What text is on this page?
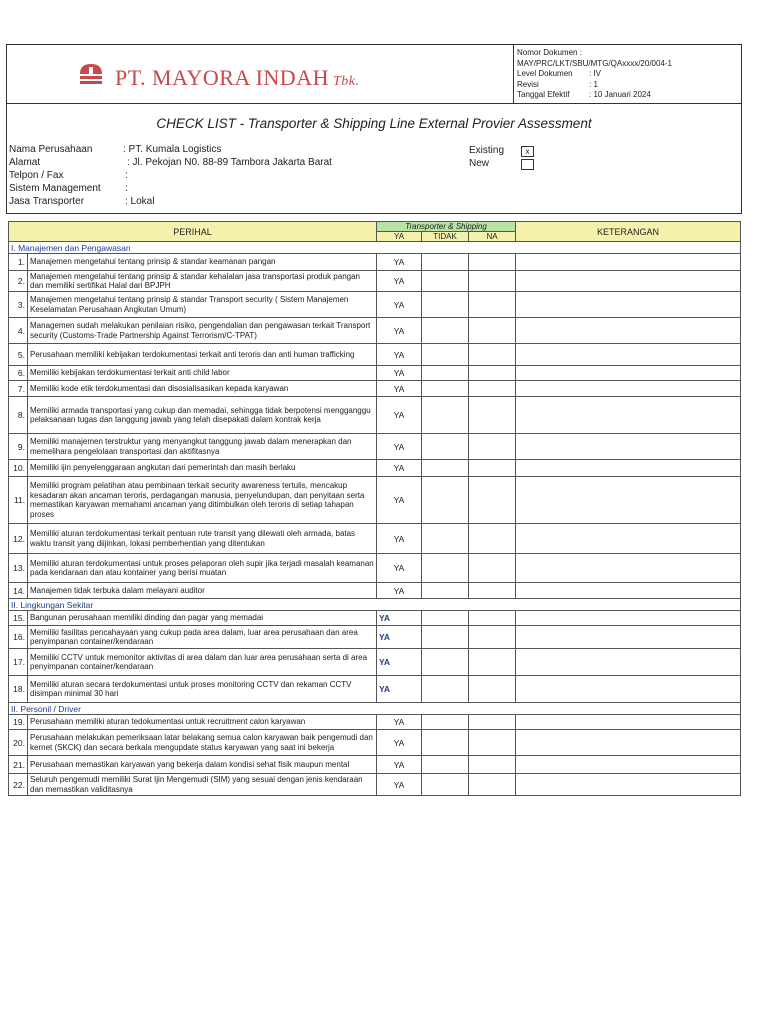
PT. MAYORA INDAH Tbk.
Nomor Dokumen :
MAY/PRC/LKT/SBU/MTG/QAxxxx/20/004-1
Level Dokumen : IV
Revisi	: 1
Tanggal Efektif : 10 Januari 2024
CHECK LIST - Transporter & Shipping Line External Provier Assessment
Nama Perusahaan	: PT. Kumala Logistics
Alamat	: Jl. Pekojan N0. 88-89 Tambora Jakarta Barat
Telpon / Fax	:
Sistem Management :
Jasa Transporter	: Lokal
Existing	x
New
PERIHAL		Transporter & Shipping			KETERANGAN
		YA	TIDAK	NA	
I. Manajemen dan Pengawasan					
1.	Manajemen mengetahui tentang prinsip & standar keamanan pangan	YA			
2.	Manajemen mengetahui tentang prinsip & standar kehalalan jasa transportasi produk pangan dan memiliki sertifikat Halal dari BPJPH	YA			
3.	Manajemen mengetahui tentang prinsip & standar Transport security ( Sistem Manajemen Keselamatan Perusahaan Angkutan Umum)	YA			
4.	Managemen sudah melakukan penilaian risiko, pengendalian dan pengawasan terkait Transport security (Customs-Trade Partnership Against Terrorism/C-TPAT)	YA			
5.	Perusahaan memiliki kebijakan terdokumentasi terkait anti teroris dan anti human trafficking	YA			
6.	Memiliki kebijakan terdokumentasi terkait anti child labor	YA			
7.	Memiliki kode etik terdokumentasi dan disosialisasikan kepada karyawan	YA			
8.	Memiliki armada transportasi yang cukup dan memadai, sehingga tidak berpotensi mengganggu pelaksanaan tugas dan tanggung jawab yang telah disepakati dalam kontrak kerja	YA			
9.	Memiliki manajemen terstruktur yang menyangkut tanggung jawab dalam menerapkan dan memelihara pengelolaan transportasi dan aktifitasnya	YA			
10.	Memiliki ijin penyelenggaraan angkutan dari pemerintah dan masih berlaku	YA			
11.	Memiliki program pelatihan atau pembinaan terkait security awareness tertulis, mencakup kesadaran akan ancaman teroris, perdagangan manusia, penyelundupan, dan penyitaan serta memastikan karyawan memahami ancaman yang ditimbulkan oleh teroris di setiap tahapan proses	YA			
12.	Memiliki aturan terdokumentasi terkait pentuan rute transit yang dilewati oleh armada, batas waktu transit yang diijinkan, lokasi pemberhentian yang ditentukan	YA			
13.	Memiliki aturan terdokumentasi untuk proses pelaporan oleh supir jika terjadi masalah keamanan pada kendaraan dan atau kontainer yang berisi muatan	YA			
14.	Manajemen tidak terbuka dalam melayani auditor	YA			
II. Lingkungan Sekitar					
15.	Bangunan perusahaan memiliki dinding dan pagar yang memadai	YA			
16.	Memiliki fasilitas pencahayaan yang cukup pada area dalam, luar area perusahaan dan area penyimpanan container/kendaraan	YA			
17.	Memiliki CCTV untuk memonitor aktivitas di area dalam dan luar area perusahaan serta di area penyimpanan container/kendaraan	YA			
18.	Memiliki aturan secara terdokumentasi untuk proses monitoring CCTV dan rekaman CCTV disimpan minimal 30 hari	YA			
II. Personil / Driver					
19.	Perusahaan memiliki aturan tedokumentasi untuk recruitment calon karyawan	YA			
20.	Perusahaan melakukan pemeriksaan latar belakang semua calon karyawan baik pengemudi dan kernet (SKCK) dan secara berkala mengupdate status karyawan yang saat ini bekerja	YA			
21.	Perusahaan memastikan karyawan yang bekerja dalam kondisi sehat fisik maupun mental	YA			
22.	Seluruh pengemudi memiliki Surat Ijin Mengemudi (SIM) yang sesuai dengan jenis kendaraan dan memastikan validitasnya	YA			
